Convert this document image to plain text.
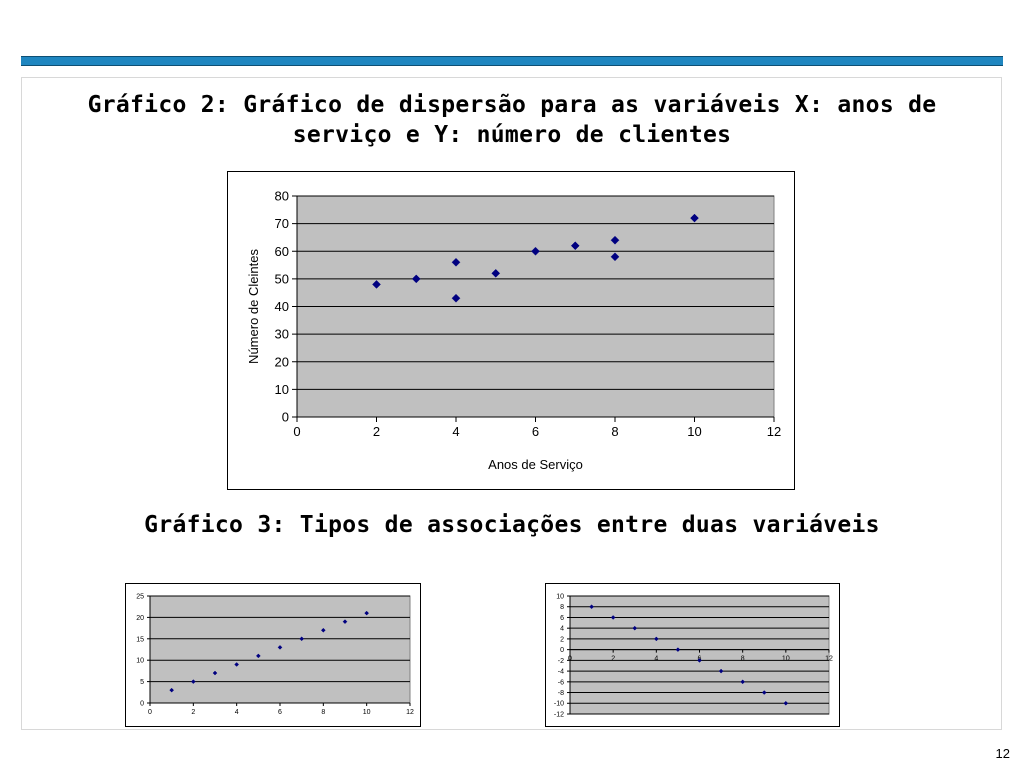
Gráfico 2: Gráfico de dispersão para as variáveis X: anos de serviço e Y: número de clientes
0
10
20
30
40
50
60
70
80
0	2	4	6	8	10	12
Anos de Serviço
Número de Cleintes
Gráfico 3: Tipos de associações entre duas variáveis
0
5
10
15
20
25
0	2	4	6	8	10	12	-12
-10
-8
-6
-4
-2
0
2
4
6
8
10
0	2	4	8	10	12
12
